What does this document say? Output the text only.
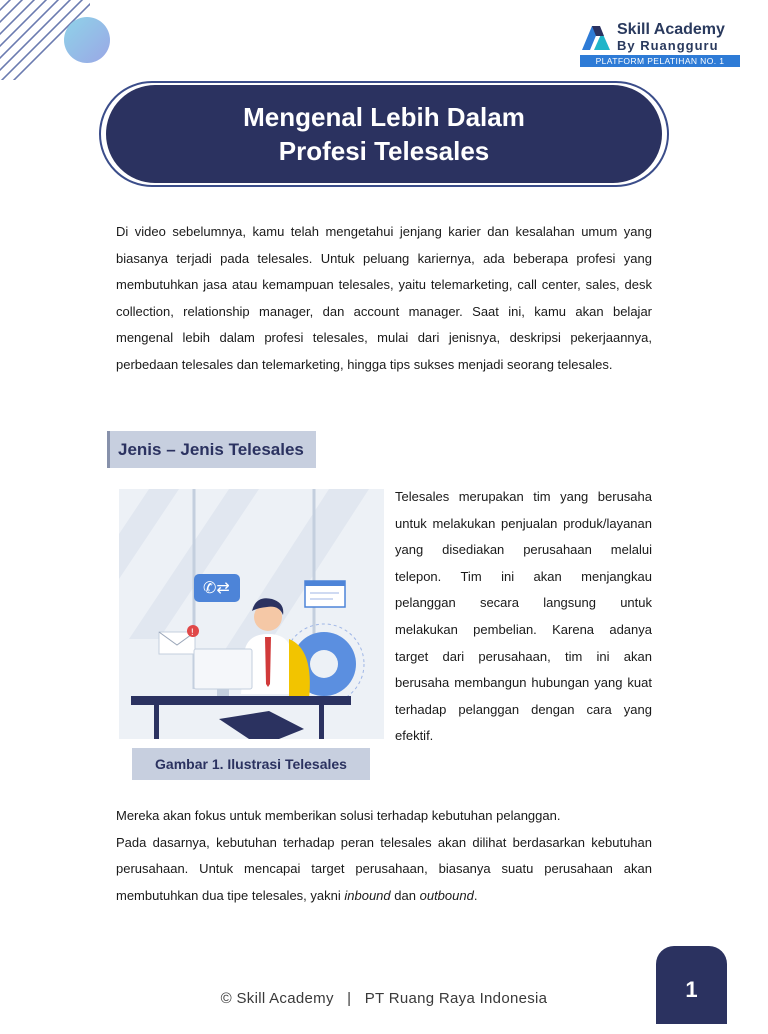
Skill Academy
By Ruangguru
PLATFORM PELATIHAN NO. 1
Mengenal Lebih Dalam
Profesi Telesales
Di video sebelumnya, kamu telah mengetahui jenjang karier dan kesalahan umum yang biasanya terjadi pada telesales. Untuk peluang kariernya, ada beberapa profesi yang membutuhkan jasa atau kemampuan telesales, yaitu telemarketing, call center, sales, desk collection, relationship manager, dan account manager. Saat ini, kamu akan belajar mengenal lebih dalam profesi telesales, mulai dari jenisnya, deskripsi pekerjaannya, perbedaan telesales dan telemarketing, hingga tips sukses menjadi seorang telesales.
Jenis – Jenis Telesales
✆⇄
!
Gambar 1. Ilustrasi Telesales
Telesales merupakan tim yang berusaha untuk melakukan penjualan produk/layanan yang disediakan perusahaan melalui telepon. Tim ini akan menjangkau pelanggan secara langsung untuk melakukan pembelian. Karena adanya target dari perusahaan, tim ini akan berusaha membangun hubungan yang kuat terhadap pelanggan dengan cara yang efektif.
Mereka akan fokus untuk memberikan solusi terhadap kebutuhan pelanggan.
Pada dasarnya, kebutuhan terhadap peran telesales akan dilihat berdasarkan kebutuhan perusahaan. Untuk mencapai target perusahaan, biasanya suatu perusahaan akan membutuhkan dua tipe telesales, yakni inbound dan outbound.
© Skill Academy   |   PT Ruang Raya Indonesia	1
